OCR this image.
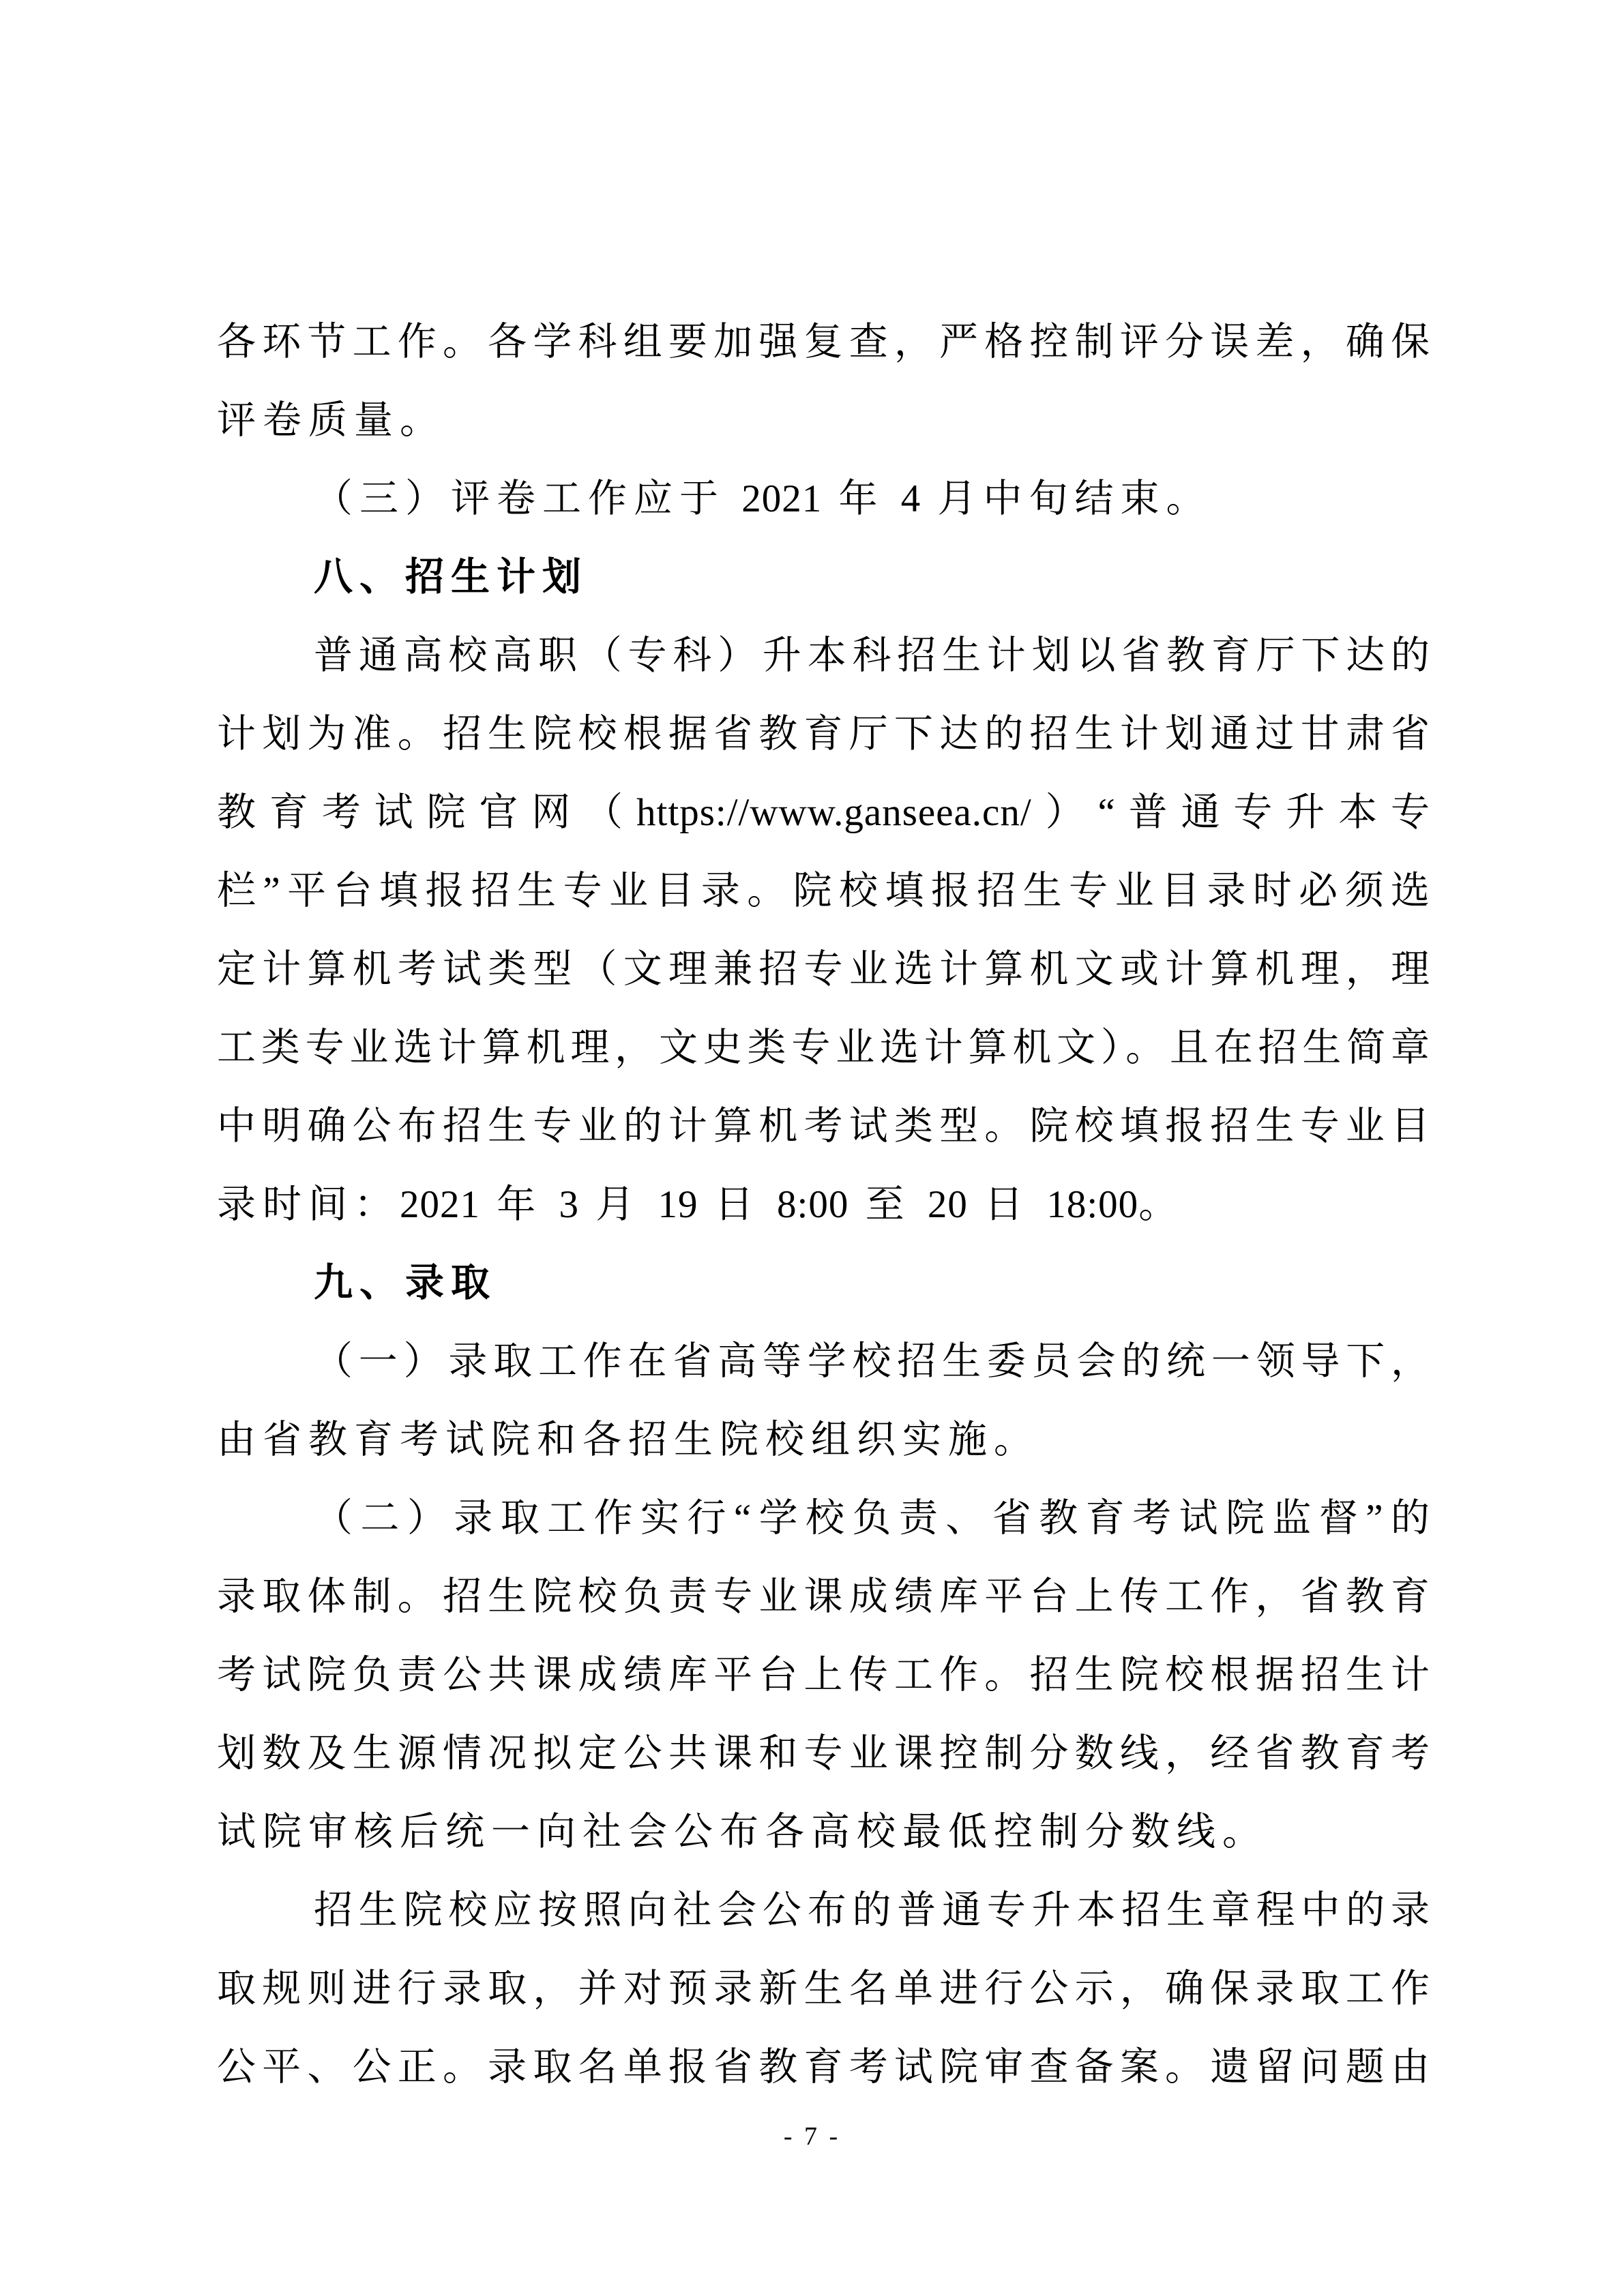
各环节工作。各学科组要加强复查，严格控制评分误差，确保
评卷质量。
（三）评卷工作应于 2021 年 4 月中旬结束。
八、招生计划
普通高校高职（专科）升本科招生计划以省教育厅下达的
计划为准。招生院校根据省教育厅下达的招生计划通过甘肃省
教育考试院官网（https://www.ganseea.cn/）“普通专升本专
栏”平台填报招生专业目录。院校填报招生专业目录时必须选
定计算机考试类型（文理兼招专业选计算机文或计算机理，理
工类专业选计算机理，文史类专业选计算机文）。且在招生简章
中明确公布招生专业的计算机考试类型。院校填报招生专业目
录时间：2021 年 3 月 19 日 8:00 至 20 日 18:00。
九、录取
（一）录取工作在省高等学校招生委员会的统一领导下，
由省教育考试院和各招生院校组织实施。
（二）录取工作实行“学校负责、省教育考试院监督”的
录取体制。招生院校负责专业课成绩库平台上传工作，省教育
考试院负责公共课成绩库平台上传工作。招生院校根据招生计
划数及生源情况拟定公共课和专业课控制分数线，经省教育考
试院审核后统一向社会公布各高校最低控制分数线。
招生院校应按照向社会公布的普通专升本招生章程中的录
取规则进行录取，并对预录新生名单进行公示，确保录取工作
公平、公正。录取名单报省教育考试院审查备案。遗留问题由
- 7 -
